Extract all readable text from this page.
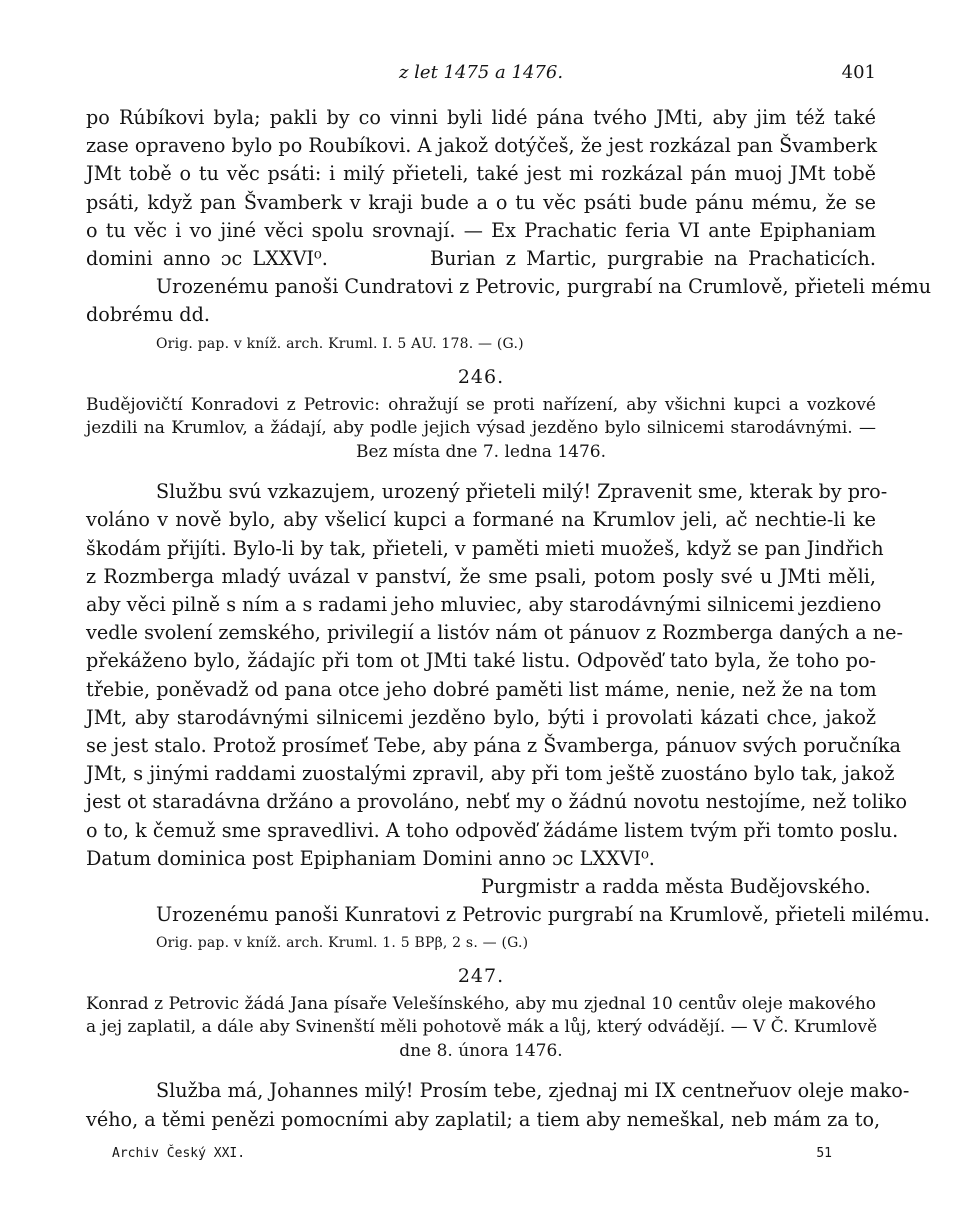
z let 1475 a 1476.	401
po Rúbíkovi byla; pakli by co vinni byli lidé pána tvého JMti, aby jim též také
zase opraveno bylo po Roubíkovi. A jakož dotýčeš, že jest rozkázal pan Švamberk
JMt tobě o tu věc psáti: i milý přieteli, také jest mi rozkázal pán muoj JMt tobě
psáti, když pan Švamberk v kraji bude a o tu věc psáti bude pánu mému, že se
o tu věc i vo jiné věci spolu srovnají. — Ex Prachatic feria VI ante Epiphaniam
domini anno ɔc LXXVI⁰.          Burian z Martic, purgrabie na Prachaticích.
Urozenému panoši Cundratovi z Petrovic, purgrabí na Crumlově, přieteli mému
dobrému dd.
Orig. pap. v kníž. arch. Kruml. I. 5 AU. 178. — (G.)
246.
Budějovičtí Konradovi z Petrovic: ohražují se proti nařízení, aby všichni kupci a vozkové
jezdili na Krumlov, a žádají, aby podle jejich výsad jezděno bylo silnicemi starodávnými. —
Bez místa dne 7. ledna 1476.
Službu svú vzkazujem, urozený přieteli milý! Zpravenit sme, kterak by pro-
voláno v nově bylo, aby všelicí kupci a formané na Krumlov jeli, ač nechtie-li ke
škodám přijíti. Bylo-li by tak, přieteli, v paměti mieti muožeš, když se pan Jindřich
z Rozmberga mladý uvázal v panství, že sme psali, potom posly své u JMti měli,
aby věci pilně s ním a s radami jeho mluviec, aby starodávnými silnicemi jezdieno
vedle svolení zemského, privilegií a listóv nám ot pánuov z Rozmberga daných a ne-
překáženo bylo, žádajíc při tom ot JMti také listu. Odpověď tato byla, že toho po-
třebie, poněvadž od pana otce jeho dobré paměti list máme, nenie, než že na tom
JMt, aby starodávnými silnicemi jezděno bylo, býti i provolati kázati chce, jakož
se jest stalo. Protož prosímeť Tebe, aby pána z Švamberga, pánuov svých poručníka
JMt, s jinými raddami zuostalými zpravil, aby při tom ještě zuostáno bylo tak, jakož
jest ot staradávna držáno a provoláno, nebť my o žádnú novotu nestojíme, než toliko
o to, k čemuž sme spravedlivi. A toho odpověď žádáme listem tvým při tomto poslu.
Datum dominica post Epiphaniam Domini anno ɔc LXXVI⁰.
Purgmistr a radda města Budějovského.
Urozenému panoši Kunratovi z Petrovic purgrabí na Krumlově, přieteli milému.
Orig. pap. v kníž. arch. Kruml. 1. 5 BPβ, 2 s. — (G.)
247.
Konrad z Petrovic žádá Jana písaře Velešínského, aby mu zjednal 10 centův oleje makového
a jej zaplatil, a dále aby Svinenští měli pohotově mák a lůj, který odvádějí. — V Č. Krumlově
dne 8. února 1476.
Služba má, Johannes milý! Prosím tebe, zjednaj mi IX centneřuov oleje mako-
vého, a těmi penězi pomocními aby zaplatil; a tiem aby nemeškal, neb mám za to,
Archiv Český XXI.	51
